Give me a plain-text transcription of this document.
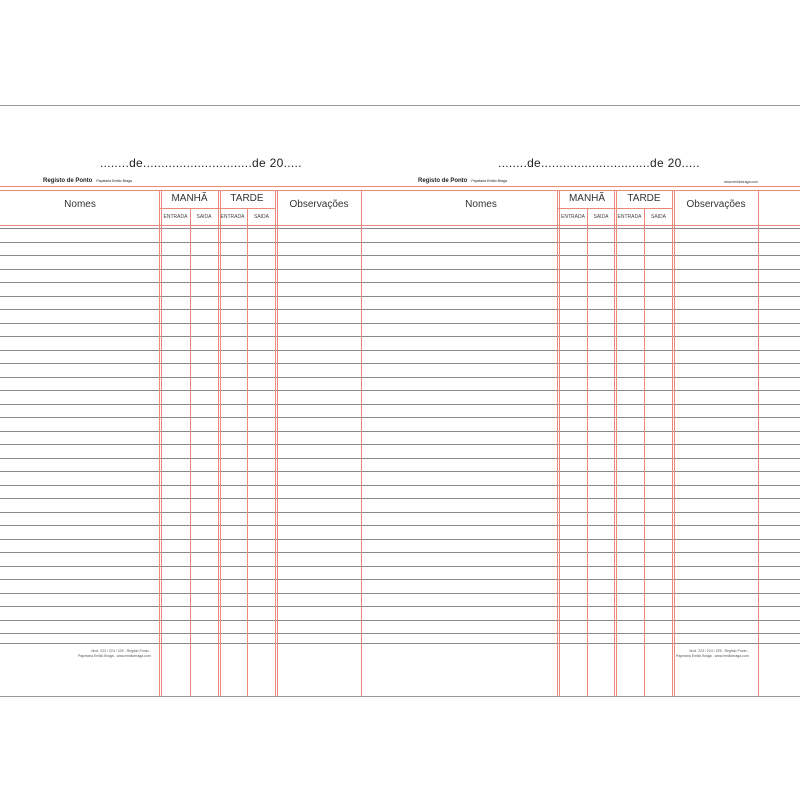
........de..............................de 20.....
Registo de Ponto Papelaria Emilio Braga
Nomes
MANHÃ	TARDE
ENTRADA	SAIDA	ENTRADA	SAIDA
Observações
Mod. 223 / 224 / 225 - Registo Ponto -
Papelaria Emilio Braga - www.emiliobraga.com
........de..............................de 20.....
Registo de Ponto Papelaria Emilio Braga	www.emiliobraga.com
Nomes
MANHÃ	TARDE
ENTRADA	SAIDA	ENTRADA	SAIDA
Observações
Mod. 223 / 224 / 225 - Registo Ponto -
Papelaria Emilio Braga - www.emiliobraga.com
